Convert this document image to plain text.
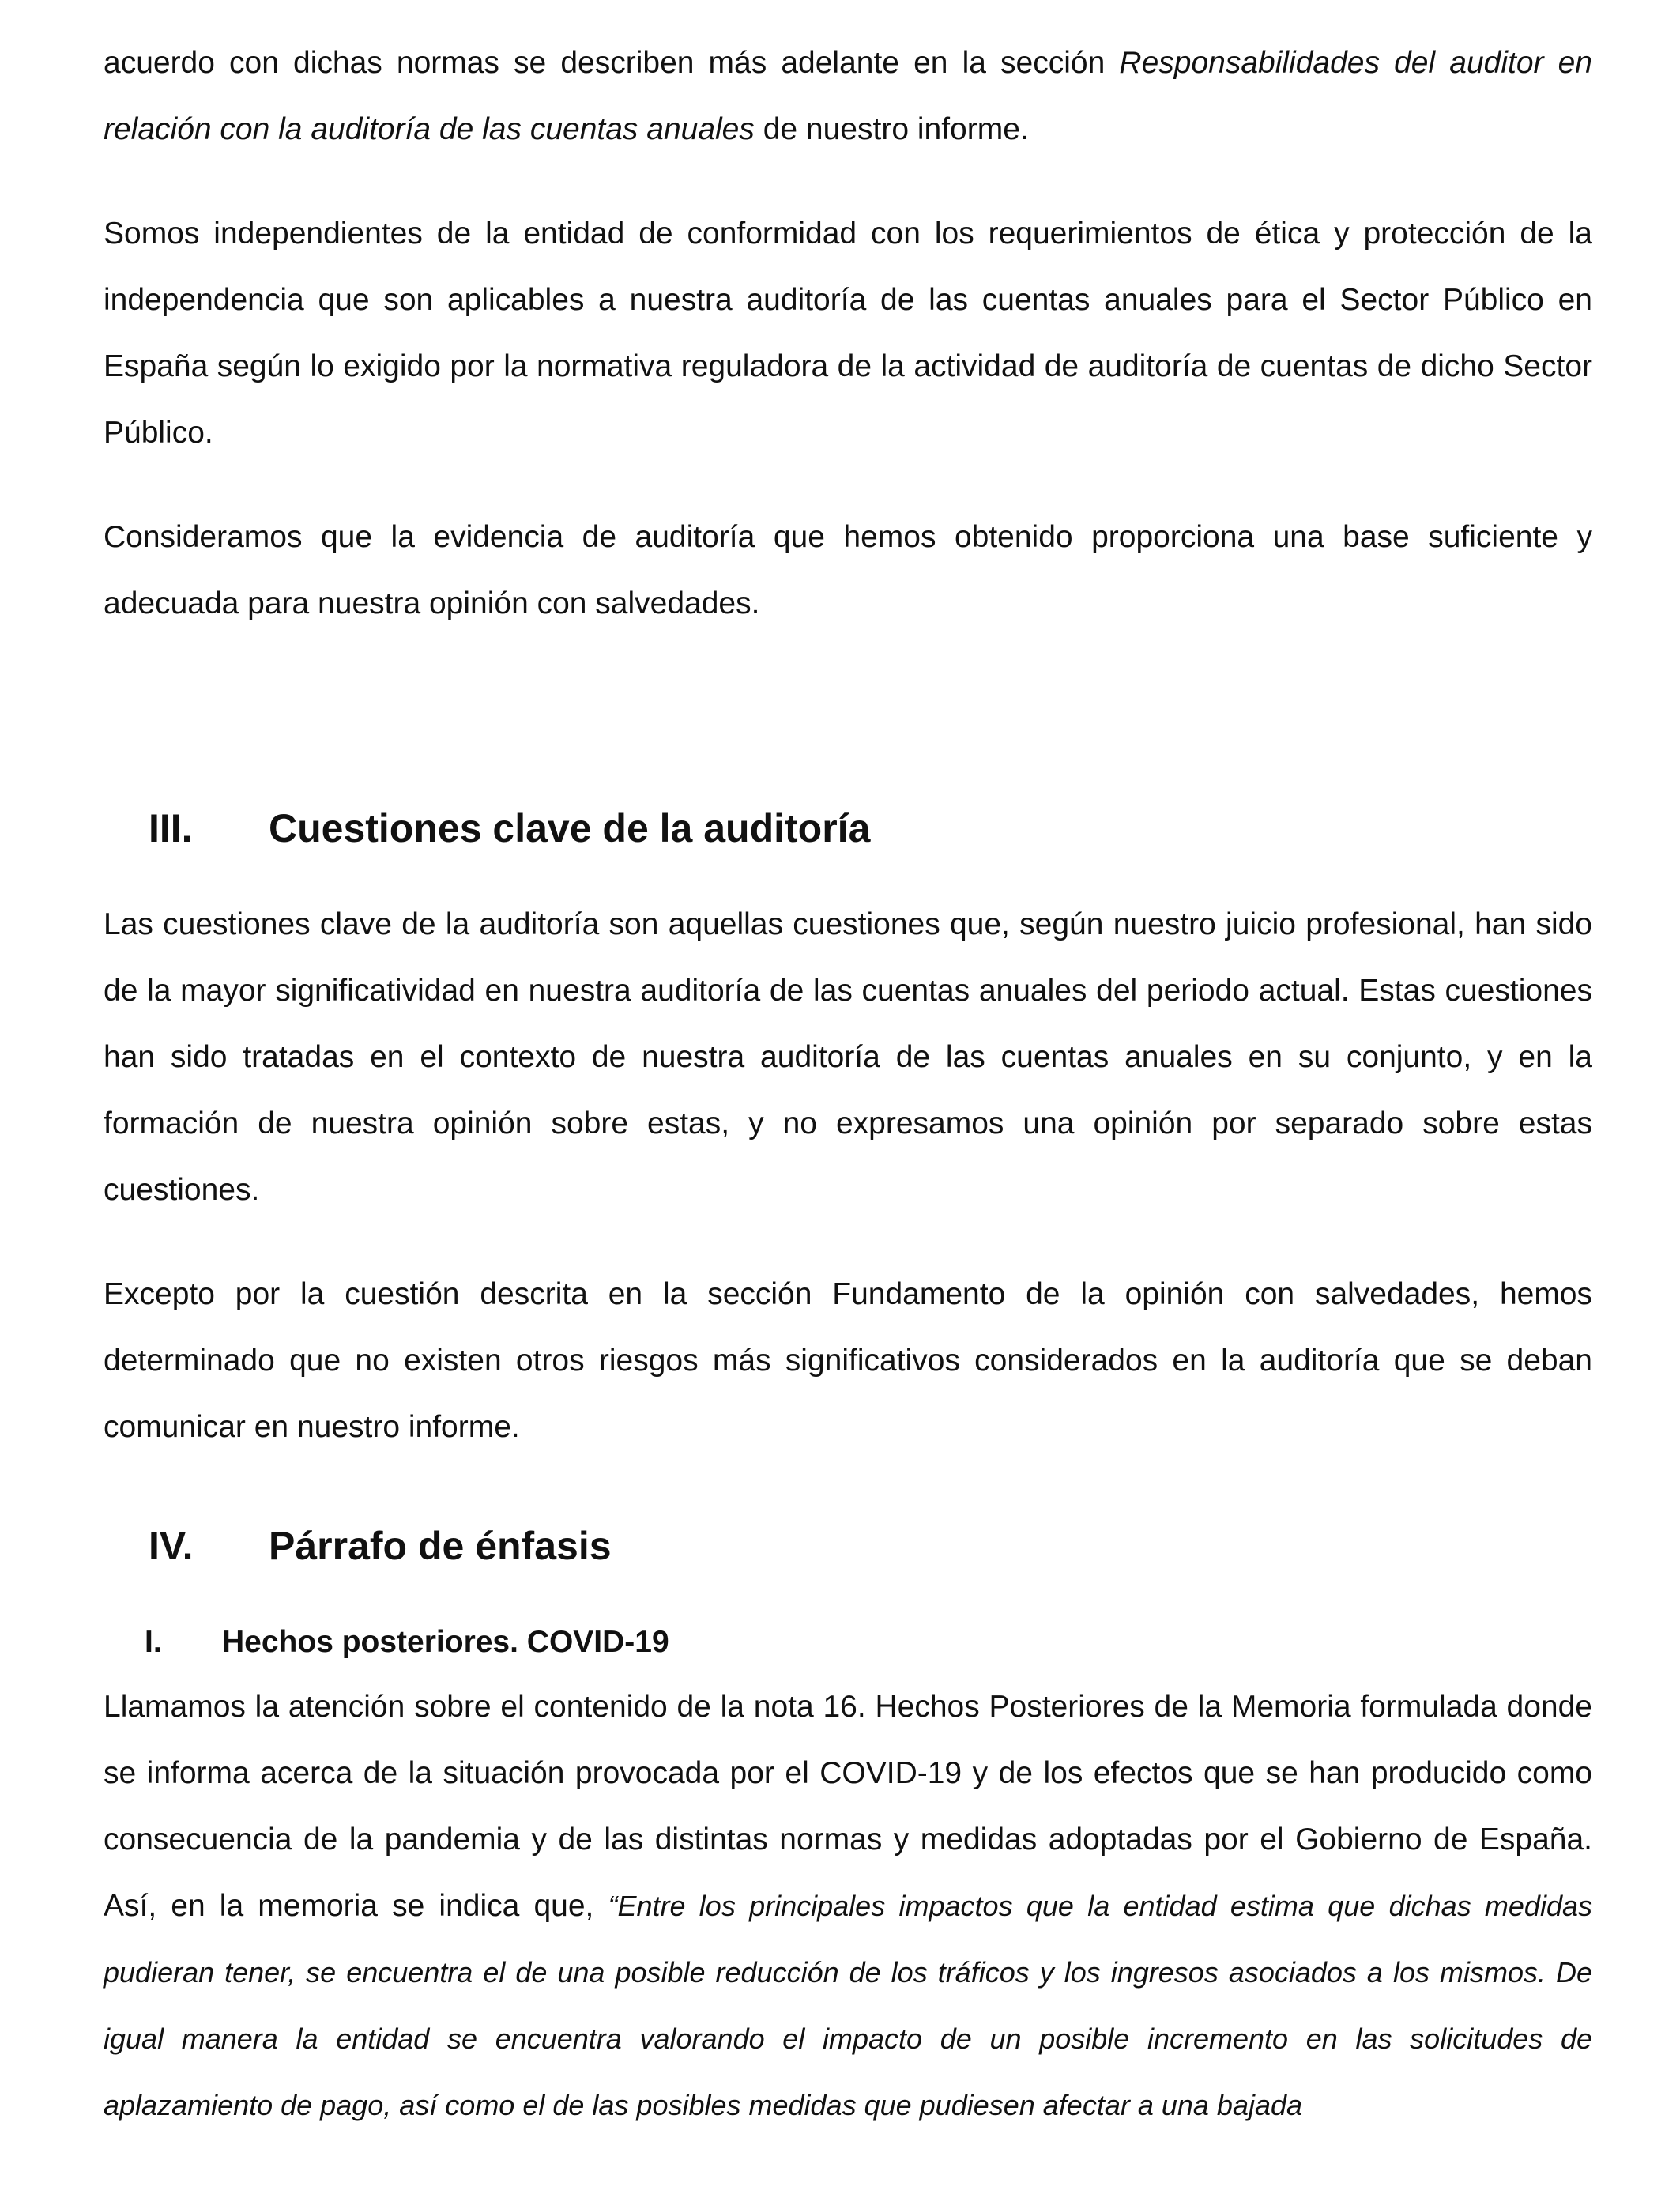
acuerdo con dichas normas se describen más adelante en la sección Responsabilidades del auditor en relación con la auditoría de las cuentas anuales de nuestro informe.

Somos independientes de la entidad de conformidad con los requerimientos de ética y protección de la independencia que son aplicables a nuestra auditoría de las cuentas anuales para el Sector Público en España según lo exigido por la normativa reguladora de la actividad de auditoría de cuentas de dicho Sector Público.

Consideramos que la evidencia de auditoría que hemos obtenido proporciona una base suficiente y adecuada para nuestra opinión con salvedades.

III. Cuestiones clave de la auditoría

Las cuestiones clave de la auditoría son aquellas cuestiones que, según nuestro juicio profesional, han sido de la mayor significatividad en nuestra auditoría de las cuentas anuales del periodo actual. Estas cuestiones han sido tratadas en el contexto de nuestra auditoría de las cuentas anuales en su conjunto, y en la formación de nuestra opinión sobre estas, y no expresamos una opinión por separado sobre estas cuestiones.

Excepto por la cuestión descrita en la sección Fundamento de la opinión con salvedades, hemos determinado que no existen otros riesgos más significativos considerados en la auditoría que se deban comunicar en nuestro informe.

IV. Párrafo de énfasis
I. Hechos posteriores. COVID-19

Llamamos la atención sobre el contenido de la nota 16. Hechos Posteriores de la Memoria formulada donde se informa acerca de la situación provocada por el COVID-19 y de los efectos que se han producido como consecuencia de la pandemia y de las distintas normas y medidas adoptadas por el Gobierno de España. Así, en la memoria se indica que, “Entre los principales impactos que la entidad estima que dichas medidas pudieran tener, se encuentra el de una posible reducción de los tráficos y los ingresos asociados a los mismos. De igual manera la entidad se encuentra valorando el impacto de un posible incremento en las solicitudes de aplazamiento de pago, así como el de las posibles medidas que pudiesen afectar a una bajada
